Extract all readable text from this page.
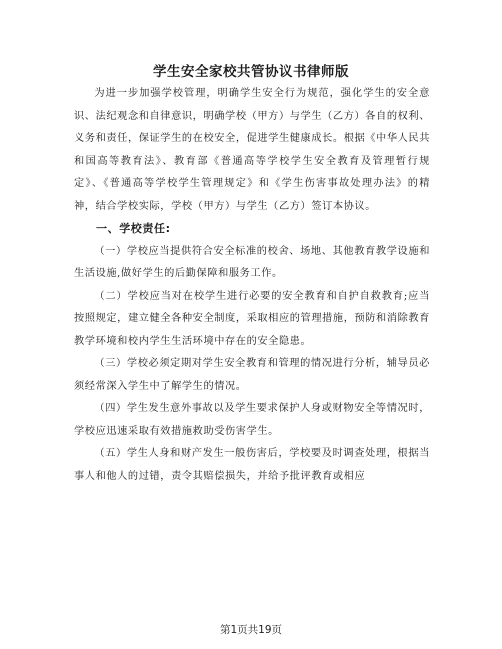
学生安全家校共管协议书律师版

为进一步加强学校管理，明确学生安全行为规范，强化学生的安全意识、法纪观念和自律意识，明确学校（甲方）与学生（乙方）各自的权利、义务和责任，保证学生的在校安全，促进学生健康成长。根据《中华人民共和国高等教育法》、教育部《普通高等学校学生安全教育及管理暂行规定》、《普通高等学校学生管理规定》和《学生伤害事故处理办法》的精神，结合学校实际，学校（甲方）与学生（乙方）签订本协议。

一、学校责任:

（一）学校应当提供符合安全标准的校舍、场地、其他教育教学设施和生活设施,做好学生的后勤保障和服务工作。

（二）学校应当对在校学生进行必要的安全教育和自护自救教育;应当按照规定，建立健全各种安全制度，采取相应的管理措施，预防和消除教育教学环境和校内学生生活环境中存在的安全隐患。

（三）学校必须定期对学生安全教育和管理的情况进行分析，辅导员必须经常深入学生中了解学生的情况。

（四）学生发生意外事故以及学生要求保护人身或财物安全等情况时，学校应迅速采取有效措施救助受伤害学生。

（五）学生人身和财产发生一般伤害后，学校要及时调查处理，根据当事人和他人的过错，责令其赔偿损失，并给予批评教育或相应

第1页共19页
